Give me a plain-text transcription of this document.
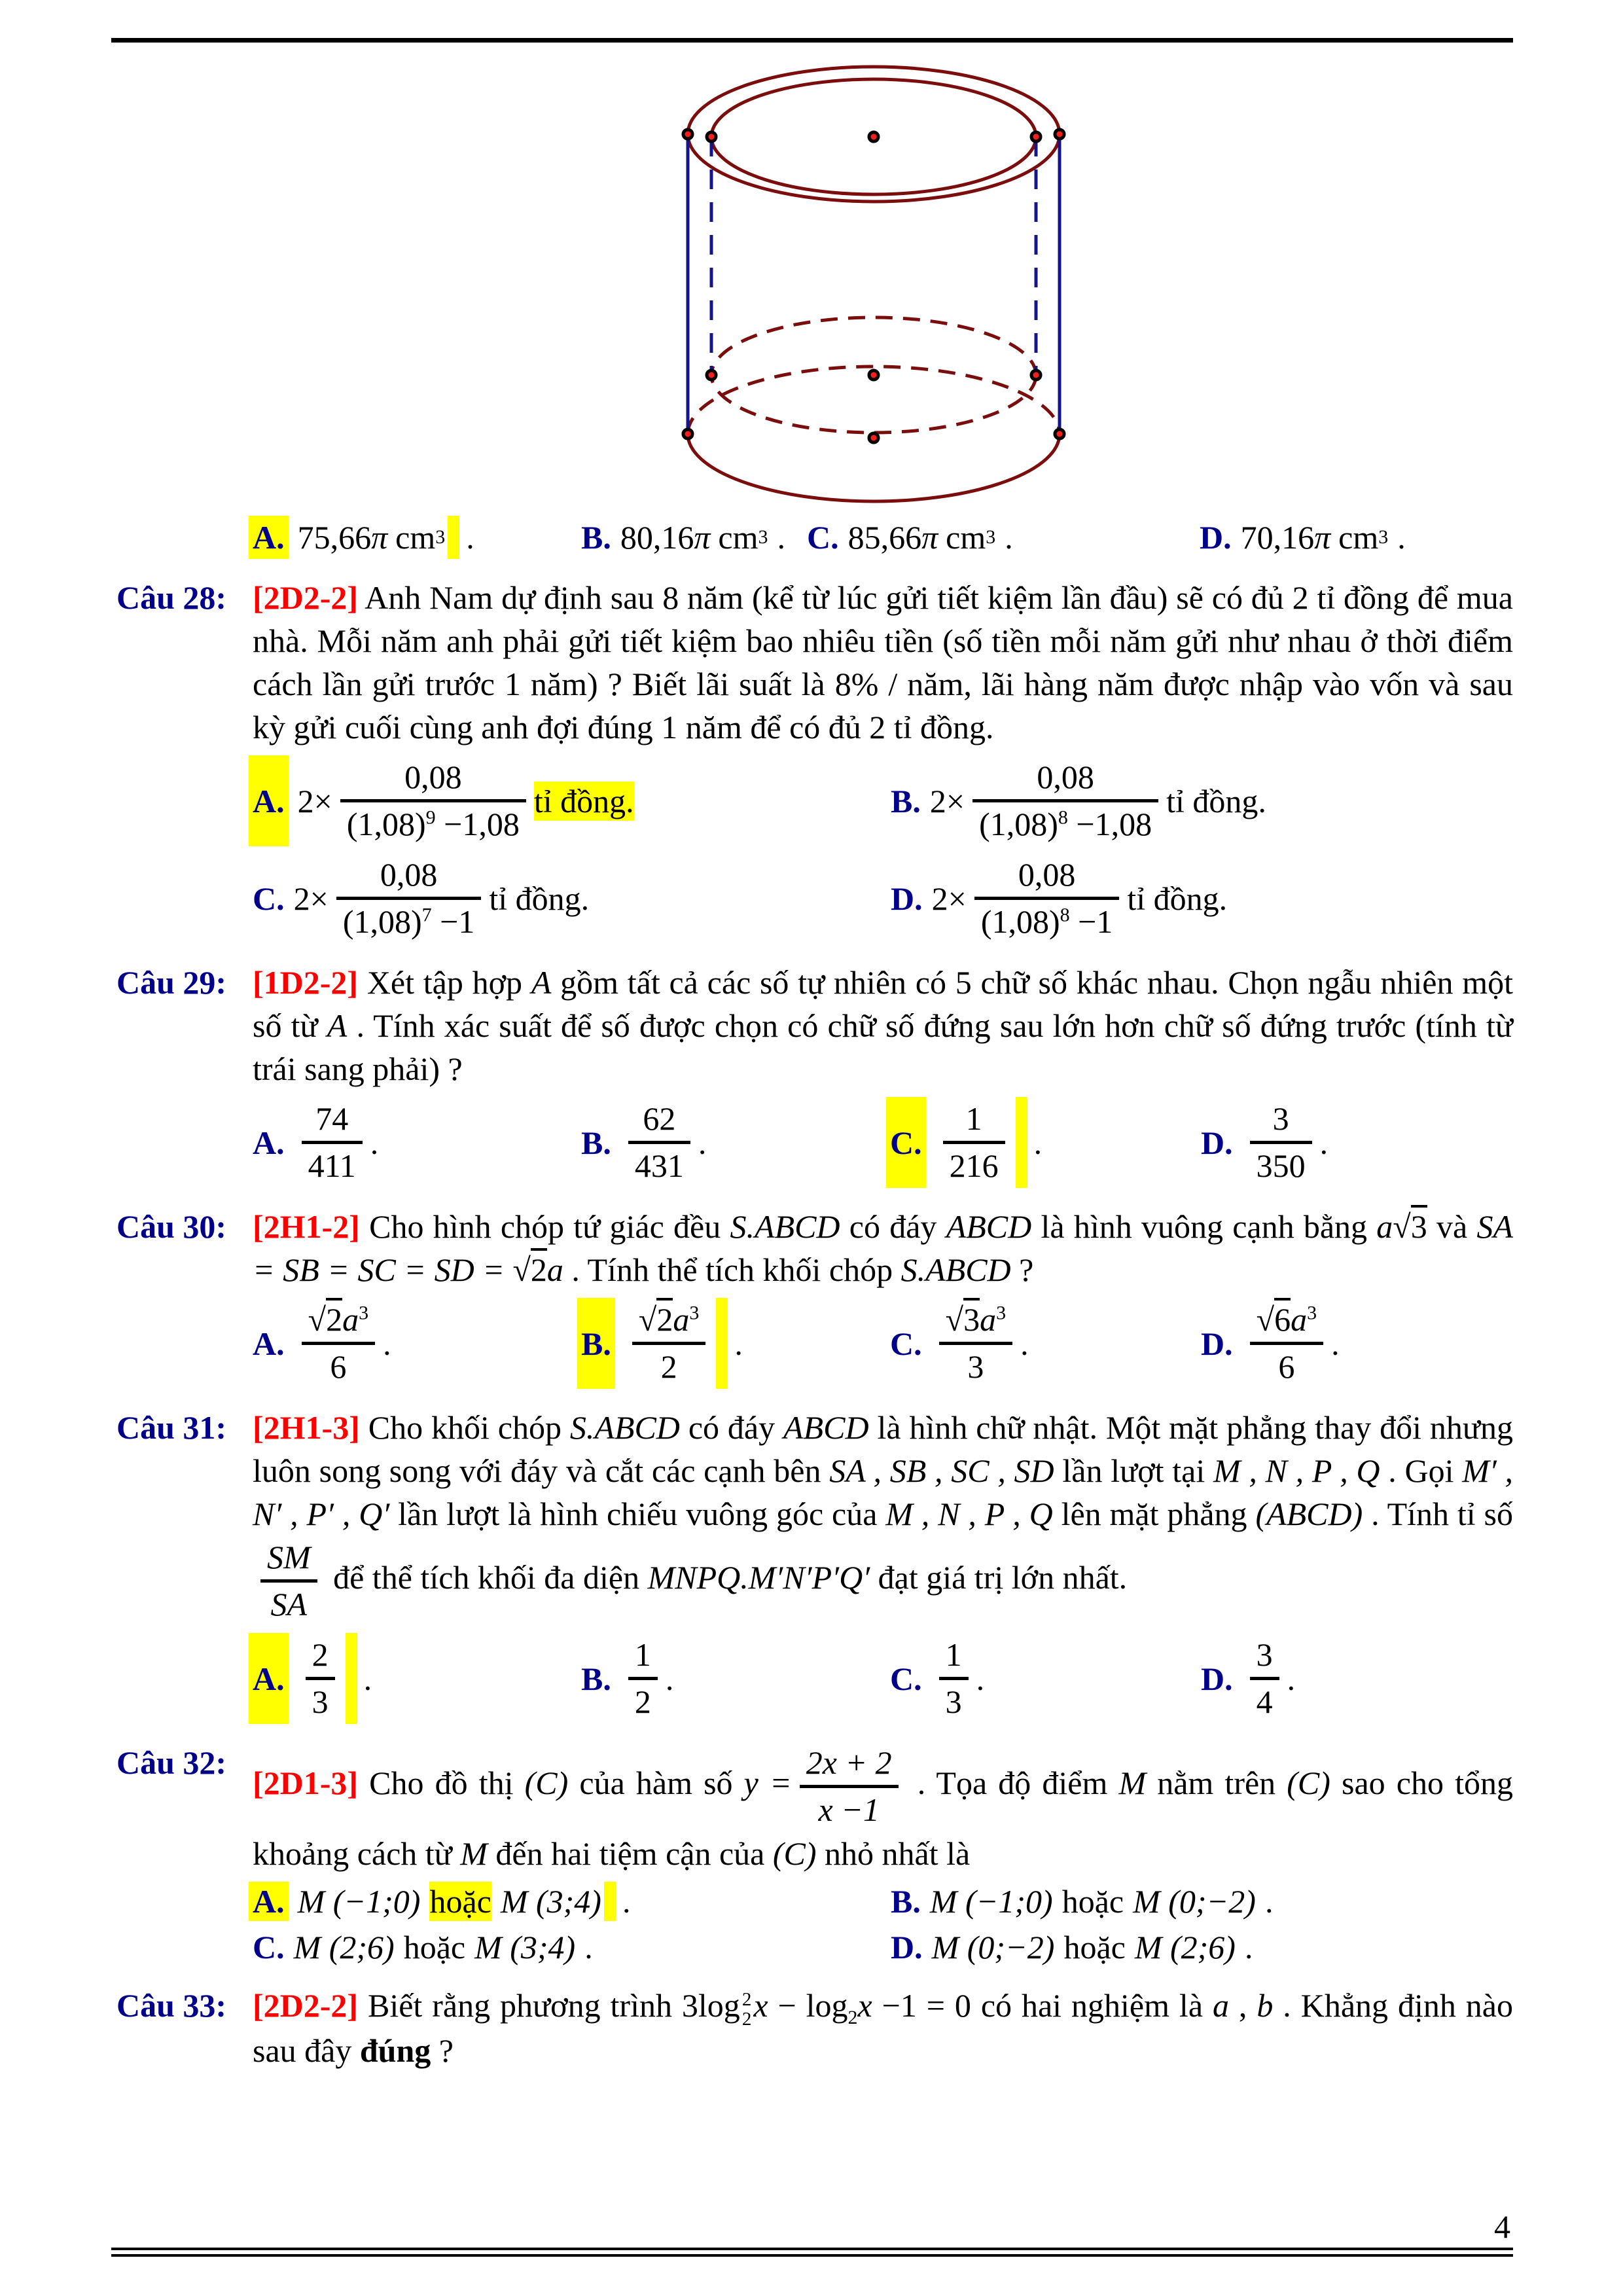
A. 75,66 π cm 3 .	B. 80,16 π cm 3 . C. 85,66 π cm 3 .	D. 70,16 π cm 3 .
Câu 28: [2D2-2] Anh Nam dự định sau 8 năm (kể từ lúc gửi tiết kiệm lần đầu) sẽ có đủ 2 tỉ đồng để mua nhà. Mỗi năm anh phải gửi tiết kiệm bao nhiêu tiền (số tiền mỗi năm gửi như nhau ở thời điểm cách lần gửi trước 1 năm) ? Biết lãi suất là 8% / năm, lãi hàng năm được nhập vào vốn và sau kỳ gửi cuối cùng anh đợi đúng 1 năm để có đủ 2 tỉ đồng.
A. $2\times \frac{0,08}{(1,08)^9 -1,08}$ tỉ đồng.	B. $2\times \frac{0,08}{(1,08)^8 -1,08}$ tỉ đồng.
C. $2\times \frac{0,08}{(1,08)^7 -1}$ tỉ đồng.	D. $2\times \frac{0,08}{(1,08)^8 -1}$ tỉ đồng.
Câu 29: [1D2-2] Xét tập hợp A gồm tất cả các số tự nhiên có 5 chữ số khác nhau. Chọn ngẫu nhiên một số từ A . Tính xác suất để số được chọn có chữ số đứng sau lớn hơn chữ số đứng trước (tính từ trái sang phải) ?
A. $\frac{74}{411}$ .	B. $\frac{62}{431}$ .	C. $\frac{1}{216}$ .	D. $\frac{3}{350}$ .
Câu 30: [2H1-2] Cho hình chóp tứ giác đều S.ABCD có đáy ABCD là hình vuông cạnh bằng a√3 và SA = SB = SC = SD = √2a . Tính thể tích khối chóp S.ABCD ?
A. $\frac{√2a^3}{6}$ .	B. $\frac{√2a^3}{2}$ .	C. $\frac{√3a^3}{3}$ .	D. $\frac{√6a^3}{6}$ .
Câu 31: [2H1-3] Cho khối chóp S.ABCD có đáy ABCD là hình chữ nhật. Một mặt phẳng thay đổi nhưng luôn song song với đáy và cắt các cạnh bên SA , SB , SC , SD lần lượt tại M , N , P , Q . Gọi M′ , N′ , P′ , Q′ lần lượt là hình chiếu vuông góc của M , N , P , Q lên mặt phẳng (ABCD) . Tính tỉ số
$\frac{SM}{SA}$ để thể tích khối đa diện MNPQ.M′N′P′Q′ đạt giá trị lớn nhất.
A. $\frac{2}{3}$ .	B. $\frac{1}{2}$ .	C. $\frac{1}{3}$ .	D. $\frac{3}{4}$ .
Câu 32:
[2D1-3] Cho đồ thị (C) của hàm số $y = \frac{2x + 2}{x -1}$ . Tọa độ điểm M nằm trên (C) sao cho tổng khoảng cách từ M đến hai tiệm cận của (C) nhỏ nhất là
A. M (−1;0) hoặc M (3;4) .	B. M (−1;0) hoặc M (0;−2) .
C. M (2;6) hoặc M (3;4) .	D. M (0;−2) hoặc M (2;6) .
Câu 33: [2D2-2] Biết rằng phương trình 3log 2
2 $x - \log_2x -1 = 0$ có hai nghiệm là a , b . Khẳng định nào sau đây đúng ?
4
